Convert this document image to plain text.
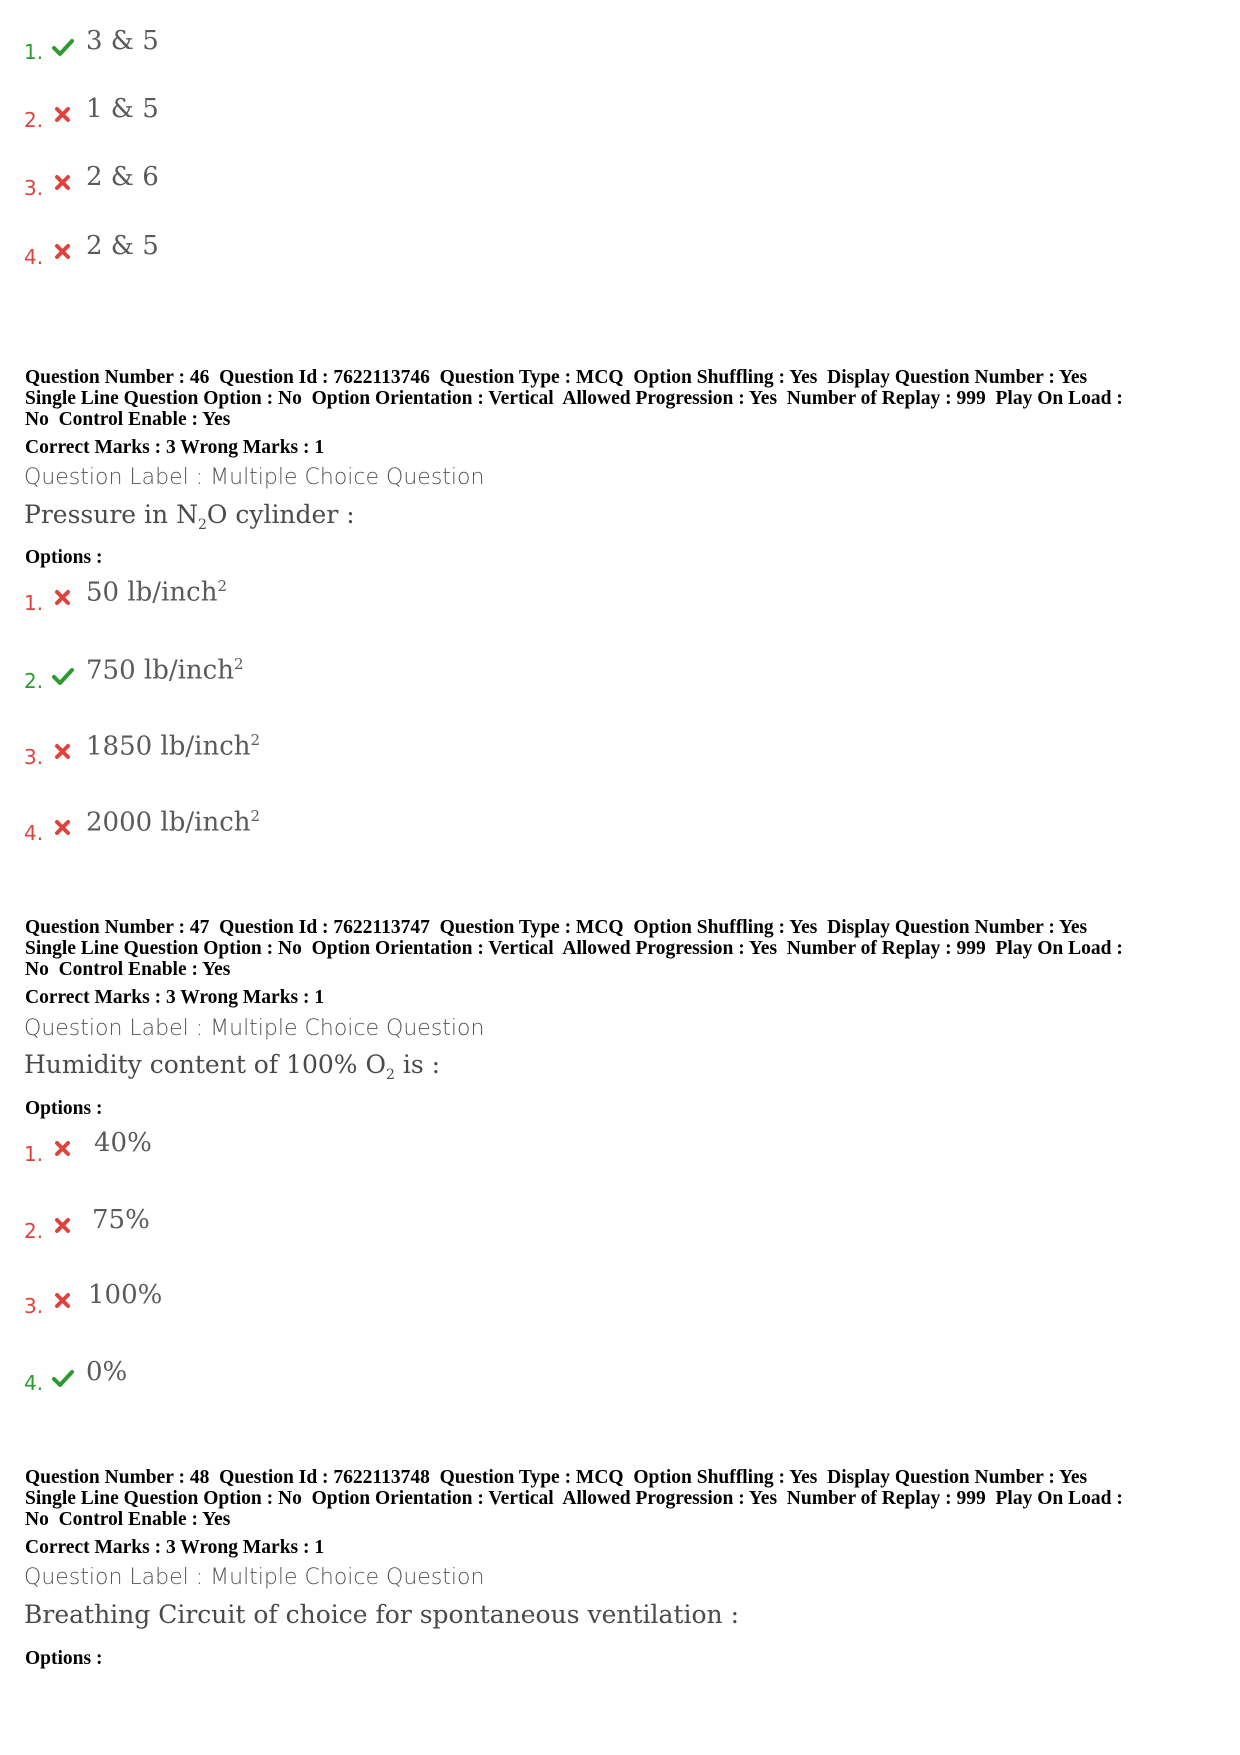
1. 3 & 5
2. 1 & 5
3. 2 & 6
4. 2 & 5
Question Number : 46  Question Id : 7622113746  Question Type : MCQ  Option Shuffling : Yes  Display Question Number : Yes
Single Line Question Option : No  Option Orientation : Vertical  Allowed Progression : Yes  Number of Replay : 999  Play On Load :
No  Control Enable : Yes
Correct Marks : 3 Wrong Marks : 1
Question Label : Multiple Choice Question
Pressure in $N_2O$ cylinder :
Options :
1. 50 lb/inch$^2$
2. 750 lb/inch$^2$
3. 1850 lb/inch$^2$
4. 2000 lb/inch$^2$
Question Number : 47  Question Id : 7622113747  Question Type : MCQ  Option Shuffling : Yes  Display Question Number : Yes
Single Line Question Option : No  Option Orientation : Vertical  Allowed Progression : Yes  Number of Replay : 999  Play On Load :
No  Control Enable : Yes
Correct Marks : 3 Wrong Marks : 1
Question Label : Multiple Choice Question
Humidity content of 100% $O_2$ is :
Options :
1. 40%
2. 75%
3. 100%
4. 0%
Question Number : 48  Question Id : 7622113748  Question Type : MCQ  Option Shuffling : Yes  Display Question Number : Yes
Single Line Question Option : No  Option Orientation : Vertical  Allowed Progression : Yes  Number of Replay : 999  Play On Load :
No  Control Enable : Yes
Correct Marks : 3 Wrong Marks : 1
Question Label : Multiple Choice Question
Breathing Circuit of choice for spontaneous ventilation :
Options :
